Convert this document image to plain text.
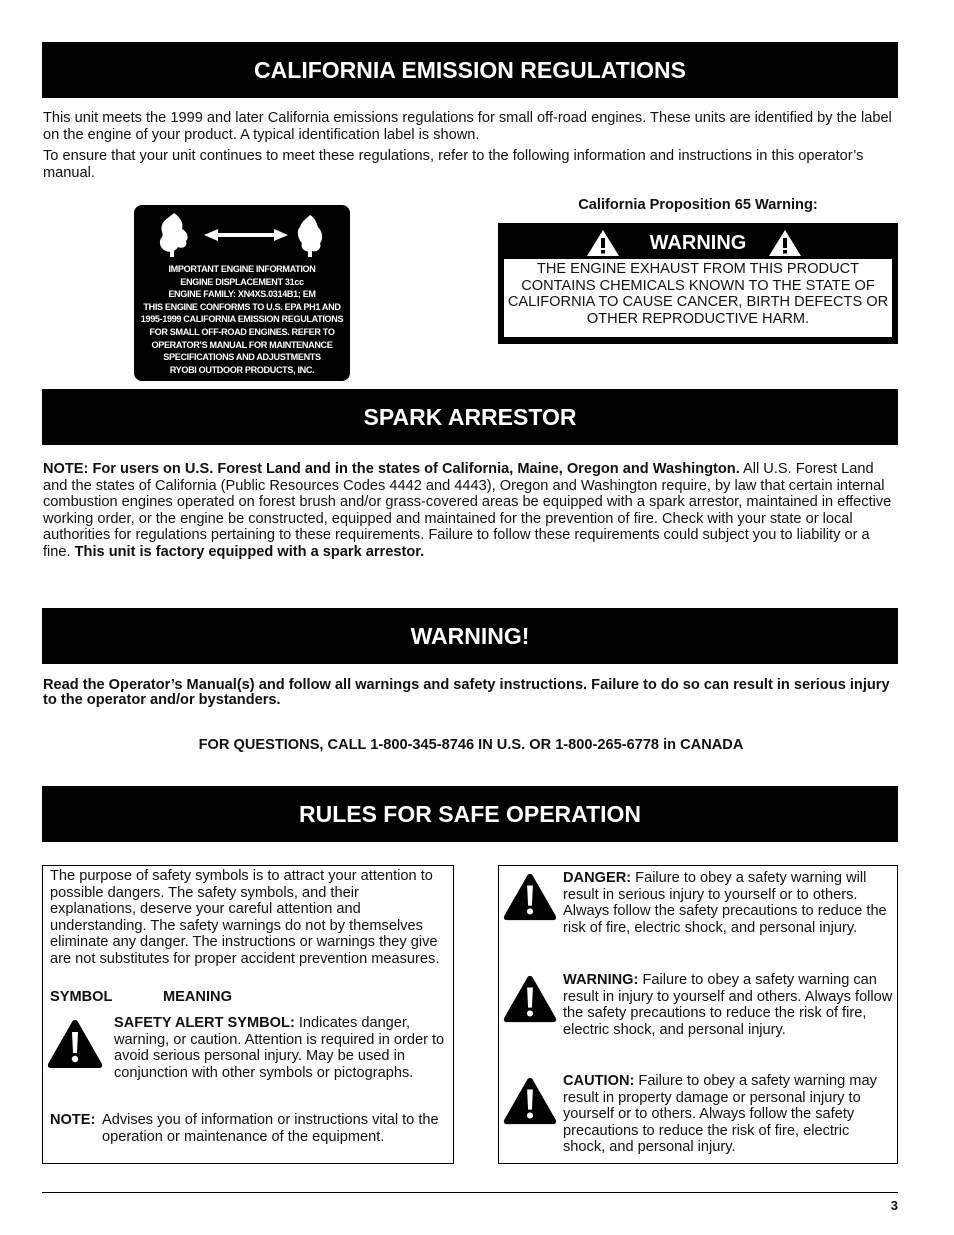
CALIFORNIA EMISSION REGULATIONS

This unit meets the 1999 and later California emissions regulations for small off-road engines. These units are identified by the label on the engine of your product. A typical identification label is shown.

To ensure that your unit continues to meet these regulations, refer to the following information and instructions in this operator’s manual.

IMPORTANT ENGINE INFORMATION
ENGINE DISPLACEMENT 31cc
ENGINE FAMILY: XN4XS.0314B1; EM
THIS ENGINE CONFORMS TO U.S. EPA PH1 AND
1995-1999 CALIFORNIA EMISSION REGULATIONS
FOR SMALL OFF-ROAD ENGINES. REFER TO
OPERATOR’S MANUAL FOR MAINTENANCE
SPECIFICATIONS AND ADJUSTMENTS
RYOBI OUTDOOR PRODUCTS, INC.
California Proposition 65 Warning:
WARNING
THE ENGINE EXHAUST FROM THIS PRODUCT CONTAINS CHEMICALS KNOWN TO THE STATE OF CALIFORNIA TO CAUSE CANCER, BIRTH DEFECTS OR OTHER REPRODUCTIVE HARM.
SPARK ARRESTOR

NOTE: For users on U.S. Forest Land and in the states of California, Maine, Oregon and Washington. All U.S. Forest Land and the states of California (Public Resources Codes 4442 and 4443), Oregon and Washington require, by law that certain internal combustion engines operated on forest brush and/or grass-covered areas be equipped with a spark arrestor, maintained in effective working order, or the engine be constructed, equipped and maintained for the prevention of fire. Check with your state or local authorities for regulations pertaining to these requirements. Failure to follow these requirements could subject you to liability or a fine. This unit is factory equipped with a spark arrestor.

WARNING!

Read the Operator’s Manual(s) and follow all warnings and safety instructions. Failure to do so can result in serious injury to the operator and/or bystanders.

FOR QUESTIONS, CALL 1-800-345-8746 IN U.S. OR 1-800-265-6778 in CANADA

RULES FOR SAFE OPERATION

The purpose of safety symbols is to attract your attention to possible dangers. The safety symbols, and their explanations, deserve your careful attention and understanding. The safety warnings do not by themselves eliminate any danger. The instructions or warnings they give are not substitutes for proper accident prevention measures.

SYMBOL	MEANING

SAFETY ALERT SYMBOL: Indicates danger, warning, or caution. Attention is required in order to avoid serious personal injury. May be used in conjunction with other symbols or pictographs.

NOTE: Advises you of information or instructions vital to the operation or maintenance of the equipment.

DANGER: Failure to obey a safety warning will result in serious injury to yourself or to others. Always follow the safety precautions to reduce the risk of fire, electric shock, and personal injury.

WARNING: Failure to obey a safety warning can result in injury to yourself and others. Always follow the safety precautions to reduce the risk of fire, electric shock, and personal injury.

CAUTION: Failure to obey a safety warning may result in property damage or personal injury to yourself or to others. Always follow the safety precautions to reduce the risk of fire, electric shock, and personal injury.

3
